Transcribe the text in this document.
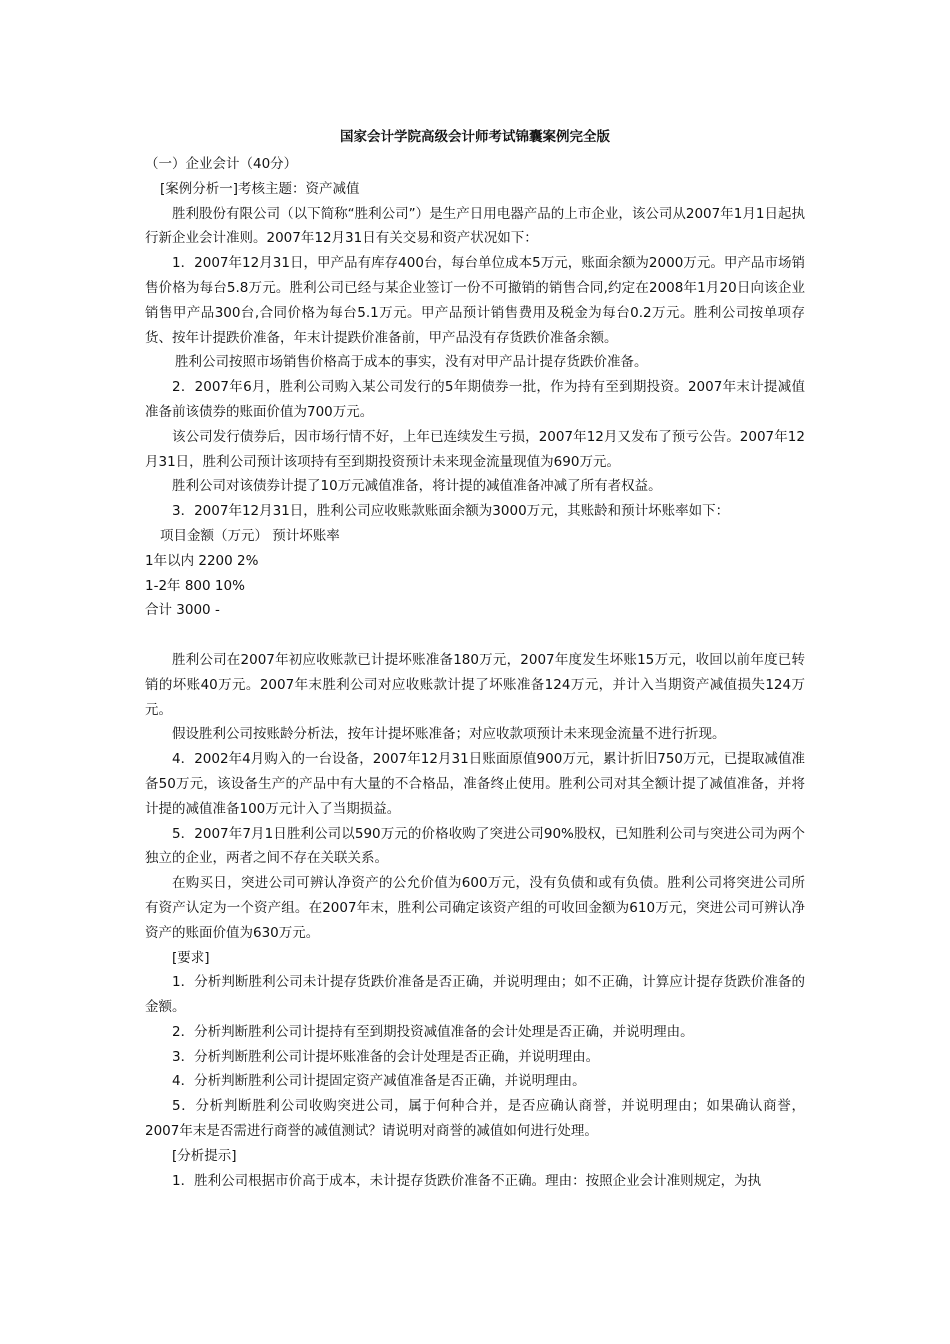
国家会计学院高级会计师考试锦囊案例完全版

（一）企业会计（40分）

[案例分析一]考核主题：资产减值

胜利股份有限公司（以下简称“胜利公司”）是生产日用电器产品的上市企业，该公司从2007年1月1日起执行新企业会计准则。2007年12月31日有关交易和资产状况如下：

1．2007年12月31日，甲产品有库存400台，每台单位成本5万元，账面余额为2000万元。甲产品市场销售价格为每台5.8万元。胜利公司已经与某企业签订一份不可撤销的销售合同,约定在2008年1月20日向该企业销售甲产品300台,合同价格为每台5.1万元。甲产品预计销售费用及税金为每台0.2万元。胜利公司按单项存货、按年计提跌价准备，年末计提跌价准备前，甲产品没有存货跌价准备余额。

胜利公司按照市场销售价格高于成本的事实，没有对甲产品计提存货跌价准备。

2．2007年6月，胜利公司购入某公司发行的5年期债券一批，作为持有至到期投资。2007年末计提减值准备前该债券的账面价值为700万元。

该公司发行债券后，因市场行情不好，上年已连续发生亏损，2007年12月又发布了预亏公告。2007年12月31日，胜利公司预计该项持有至到期投资预计未来现金流量现值为690万元。

胜利公司对该债券计提了10万元减值准备，将计提的减值准备冲减了所有者权益。

3．2007年12月31日，胜利公司应收账款账面余额为3000万元，其账龄和预计坏账率如下：

项目金额（万元） 预计坏账率
1年以内 2200 2%
1-2年 800 10%
合计 3000 -

胜利公司在2007年初应收账款已计提坏账准备180万元，2007年度发生坏账15万元，收回以前年度已转销的坏账40万元。2007年末胜利公司对应收账款计提了坏账准备124万元，并计入当期资产减值损失124万元。

假设胜利公司按账龄分析法，按年计提坏账准备；对应收款项预计未来现金流量不进行折现。

4．2002年4月购入的一台设备，2007年12月31日账面原值900万元，累计折旧750万元，已提取减值准备50万元，该设备生产的产品中有大量的不合格品，准备终止使用。胜利公司对其全额计提了减值准备，并将计提的减值准备100万元计入了当期损益。

5．2007年7月1日胜利公司以590万元的价格收购了突进公司90%股权，已知胜利公司与突进公司为两个独立的企业，两者之间不存在关联关系。

在购买日，突进公司可辨认净资产的公允价值为600万元，没有负债和或有负债。胜利公司将突进公司所有资产认定为一个资产组。在2007年末，胜利公司确定该资产组的可收回金额为610万元，突进公司可辨认净资产的账面价值为630万元。

[要求]

1．分析判断胜利公司未计提存货跌价准备是否正确，并说明理由；如不正确，计算应计提存货跌价准备的金额。

2．分析判断胜利公司计提持有至到期投资减值准备的会计处理是否正确，并说明理由。

3．分析判断胜利公司计提坏账准备的会计处理是否正确，并说明理由。

4．分析判断胜利公司计提固定资产减值准备是否正确，并说明理由。

5．分析判断胜利公司收购突进公司，属于何种合并，是否应确认商誉，并说明理由；如果确认商誉，2007年末是否需进行商誉的减值测试？请说明对商誉的减值如何进行处理。

[分析提示]

1．胜利公司根据市价高于成本，未计提存货跌价准备不正确。理由：按照企业会计准则规定，为执
